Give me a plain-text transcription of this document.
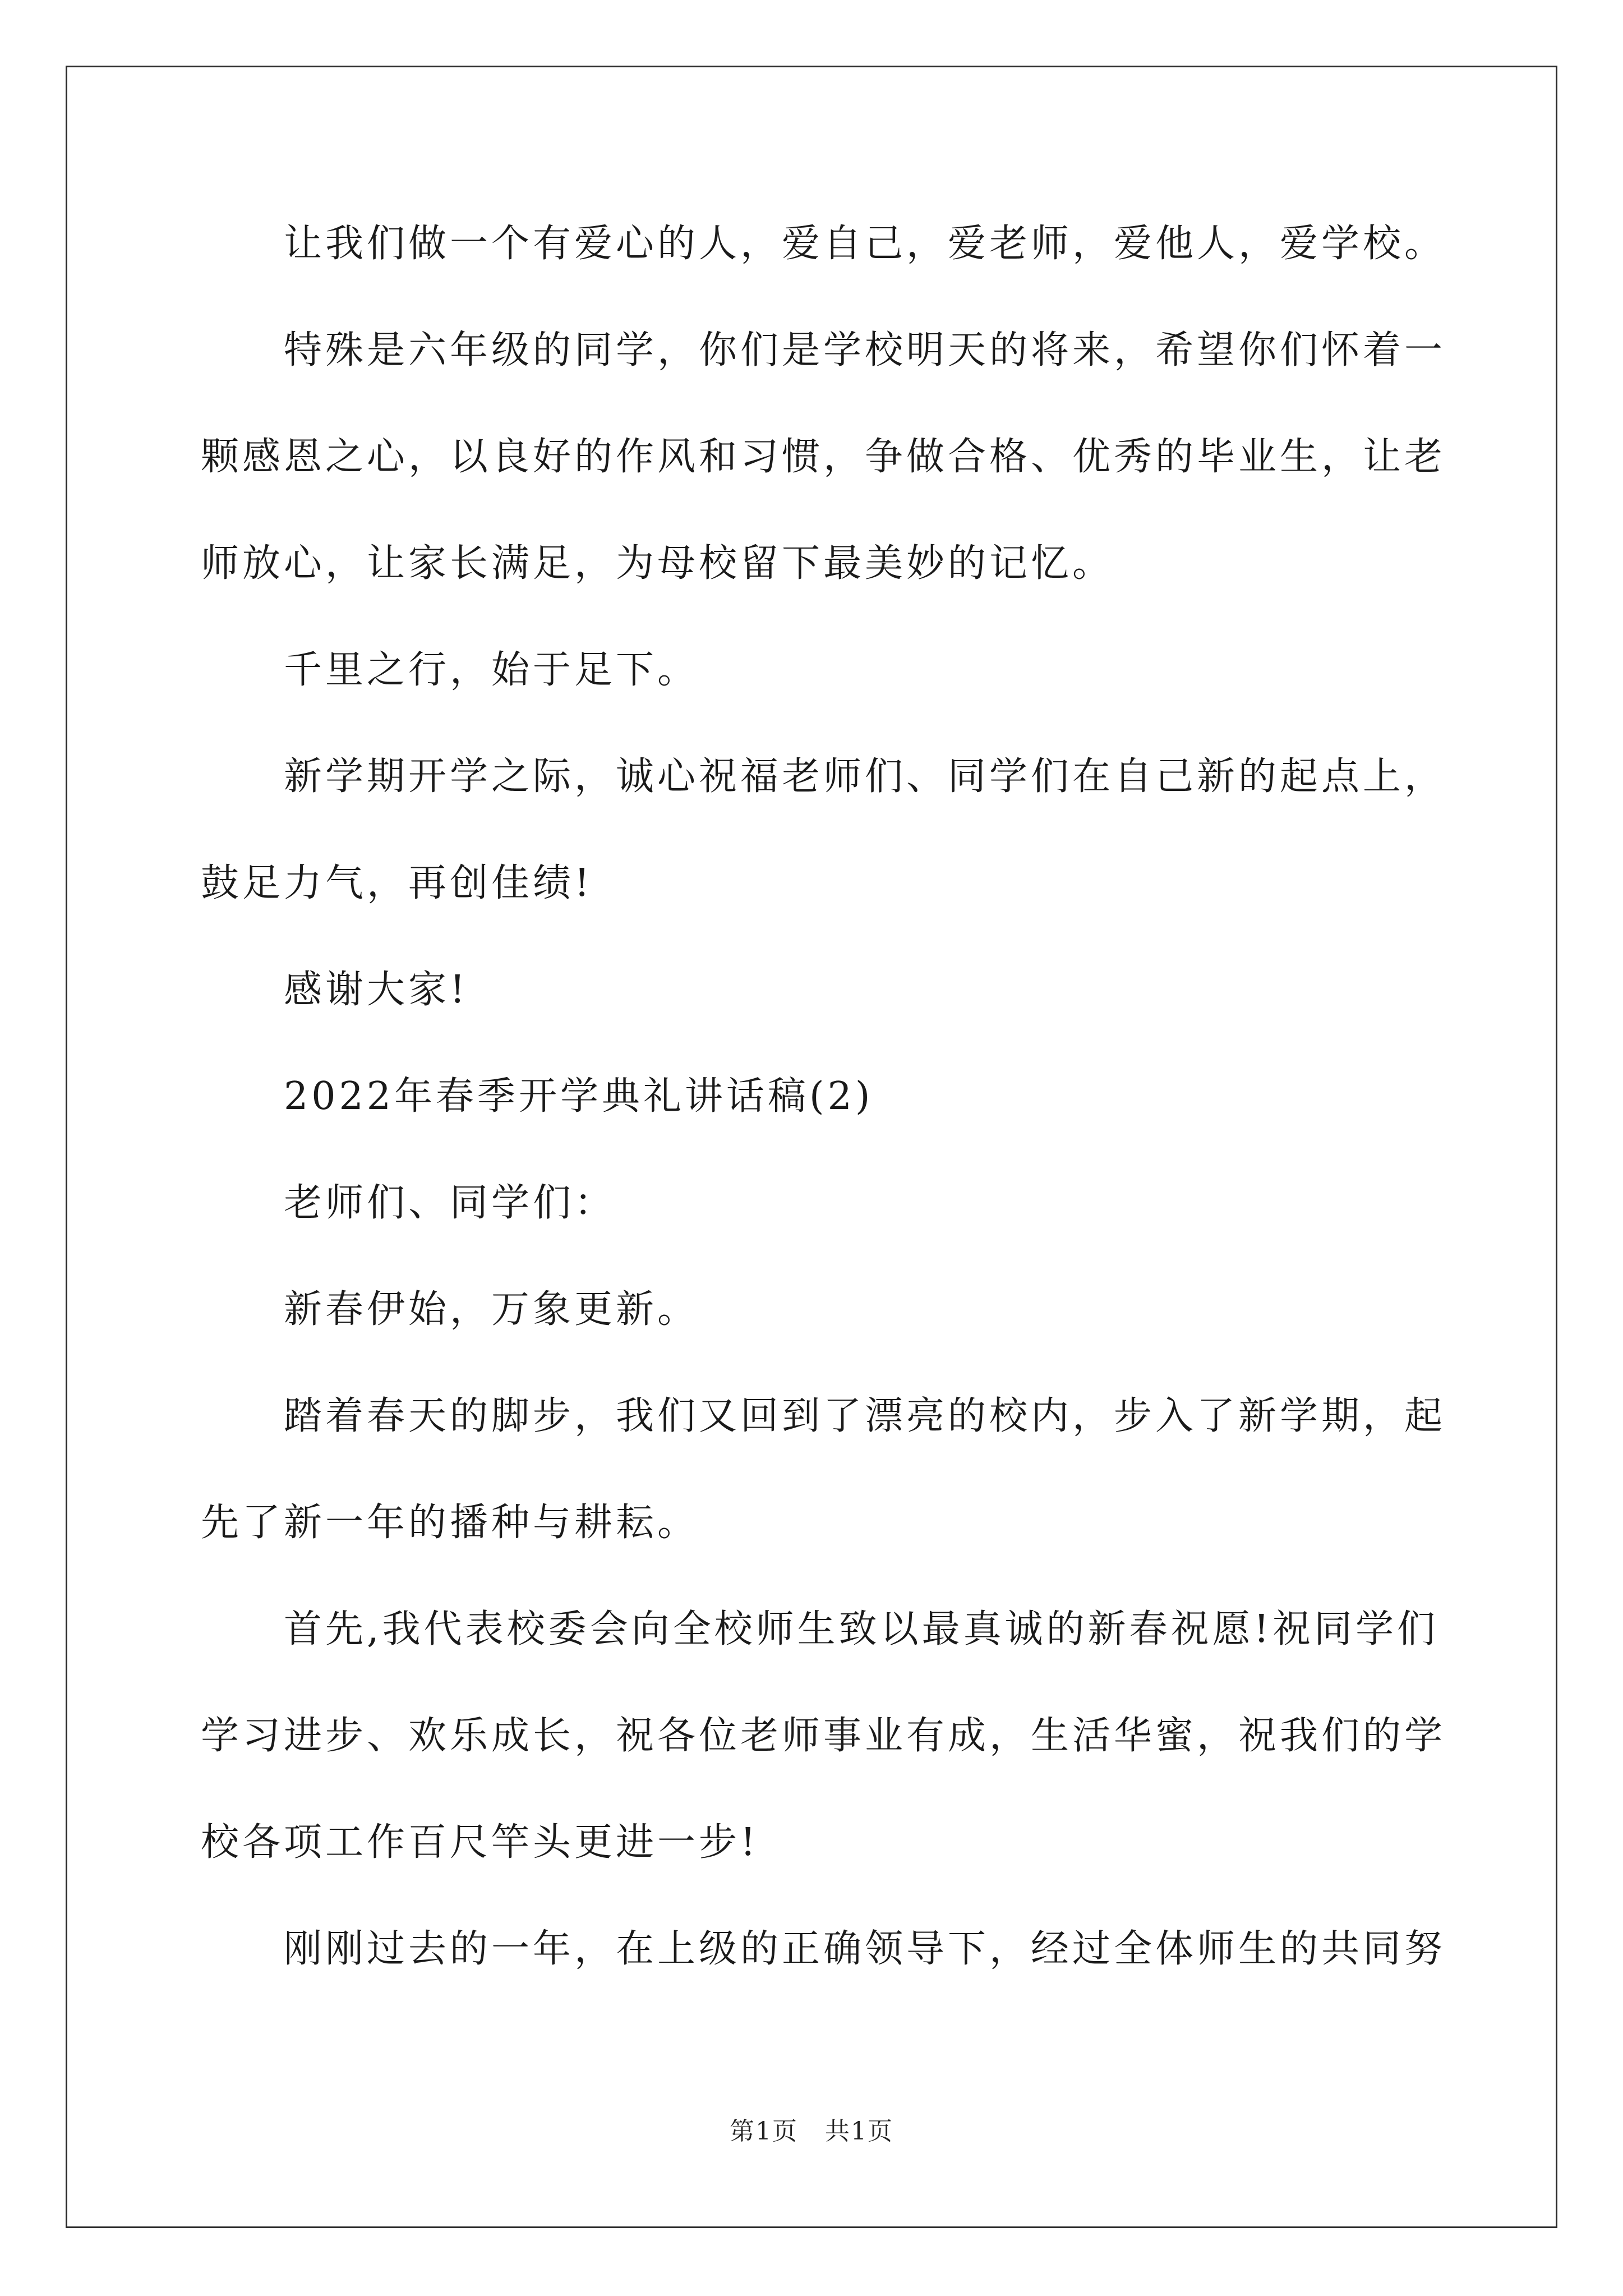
让我们做一个有爱心的人，爱自己，爱老师，爱他人，爱学校。

特殊是六年级的同学，你们是学校明天的将来，希望你们怀着一

颗感恩之心，以良好的作风和习惯，争做合格、优秀的毕业生，让老

师放心，让家长满足，为母校留下最美妙的记忆。

千里之行，始于足下。

新学期开学之际，诚心祝福老师们、同学们在自己新的起点上，

鼓足力气，再创佳绩!

感谢大家!

2022年春季开学典礼讲话稿(2)

老师们、同学们：

新春伊始，万象更新。

踏着春天的脚步，我们又回到了漂亮的校内，步入了新学期，起

先了新一年的播种与耕耘。

首先,我代表校委会向全校师生致以最真诚的新春祝愿!祝同学们

学习进步、欢乐成长，祝各位老师事业有成，生活华蜜，祝我们的学

校各项工作百尺竿头更进一步!

刚刚过去的一年，在上级的正确领导下，经过全体师生的共同努

第1页 共1页
